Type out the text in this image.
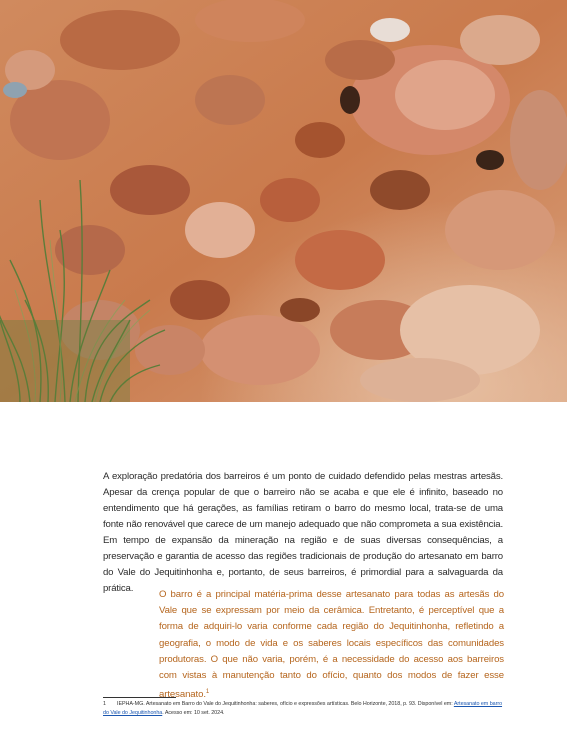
A exploração predatória dos barreiros é um ponto de cuidado defendido pelas mestras artesãs. Apesar da crença popular de que o barreiro não se acaba e que ele é infinito, baseado no entendimento que há gerações, as famílias retiram o barro do mesmo local, trata-se de uma fonte não renovável que carece de um manejo adequado que não comprometa a sua existência. Em tempo de expansão da mineração na região e de suas diversas consequências, a preservação e garantia de acesso das regiões tradicionais de produção do artesanato em barro do Vale do Jequitinhonha e, portanto, de seus barreiros, é primordial para a salvaguarda da prática.

O barro é a principal matéria-prima desse artesanato para todas as artesãs do Vale que se expressam por meio da cerâmica. Entretanto, é perceptível que a forma de adquiri-lo varia conforme cada região do Jequitinhonha, refletindo a geografia, o modo de vida e os saberes locais específicos das comunidades produtoras. O que não varia, porém, é a necessidade do acesso aos barreiros com vistas à manutenção tanto do ofício, quanto dos modos de fazer esse artesanato.$^1$
1 IEPHA-MG. Artesanato em Barro do Vale do Jequitinhonha: saberes, ofício e expressões artísticas. Belo Horizonte, 2018, p. 93. Disponível em: Artesanato em barro do Vale do Jequitinhonha. Acesso em: 10 set. 2024.
